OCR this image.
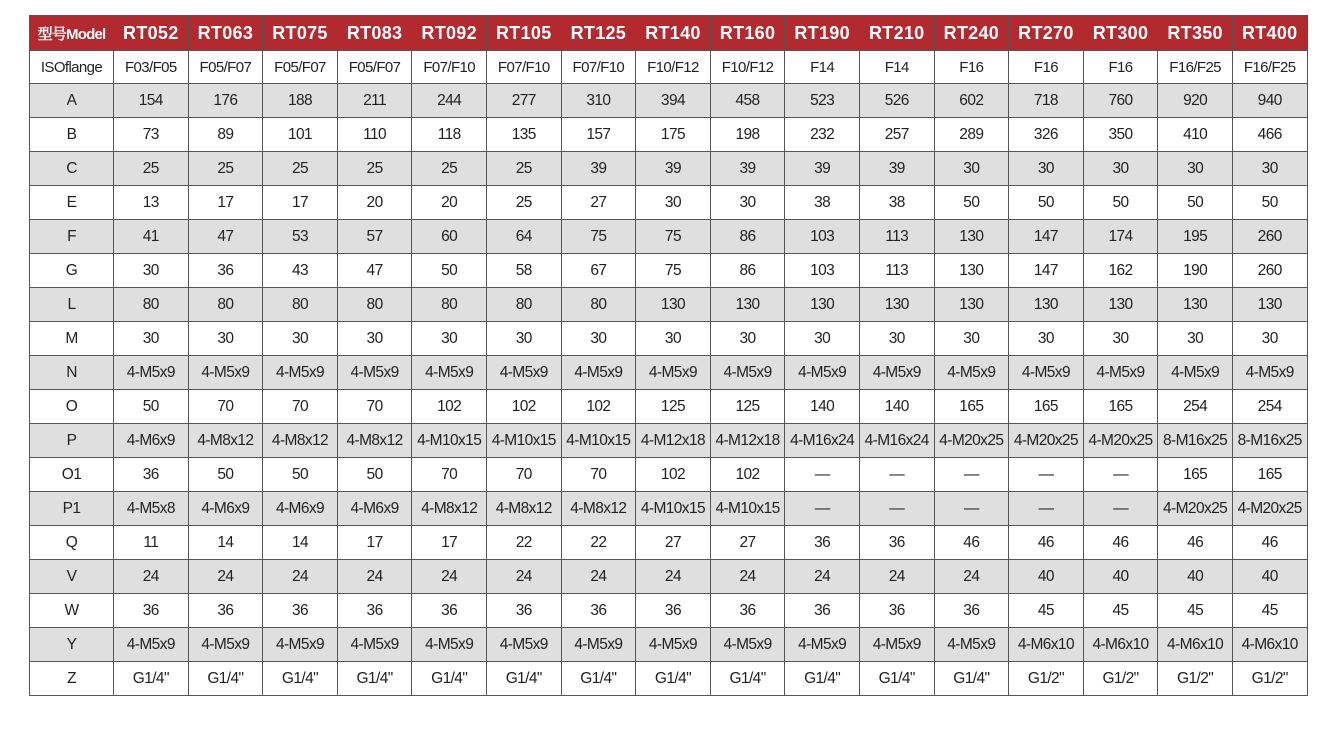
型号Model	RT052	RT063	RT075	RT083	RT092	RT105	RT125	RT140	RT160	RT190	RT210	RT240	RT270	RT300	RT350	RT400
ISOflange	F03/F05	F05/F07	F05/F07	F05/F07	F07/F10	F07/F10	F07/F10	F10/F12	F10/F12	F14	F14	F16	F16	F16	F16/F25	F16/F25
A	154	176	188	211	244	277	310	394	458	523	526	602	718	760	920	940
B	73	89	101	110	118	135	157	175	198	232	257	289	326	350	410	466
C	25	25	25	25	25	25	39	39	39	39	39	30	30	30	30	30
E	13	17	17	20	20	25	27	30	30	38	38	50	50	50	50	50
F	41	47	53	57	60	64	75	75	86	103	113	130	147	174	195	260
G	30	36	43	47	50	58	67	75	86	103	113	130	147	162	190	260
L	80	80	80	80	80	80	80	130	130	130	130	130	130	130	130	130
M	30	30	30	30	30	30	30	30	30	30	30	30	30	30	30	30
N	4-M5x9	4-M5x9	4-M5x9	4-M5x9	4-M5x9	4-M5x9	4-M5x9	4-M5x9	4-M5x9	4-M5x9	4-M5x9	4-M5x9	4-M5x9	4-M5x9	4-M5x9	4-M5x9
O	50	70	70	70	102	102	102	125	125	140	140	165	165	165	254	254
P	4-M6x9	4-M8x12	4-M8x12	4-M8x12	4-M10x15	4-M10x15	4-M10x15	4-M12x18	4-M12x18	4-M16x24	4-M16x24	4-M20x25	4-M20x25	4-M20x25	8-M16x25	8-M16x25
O1	36	50	50	50	70	70	70	102	102	—	—	—	—	—	165	165
P1	4-M5x8	4-M6x9	4-M6x9	4-M6x9	4-M8x12	4-M8x12	4-M8x12	4-M10x15	4-M10x15	—	—	—	—	—	4-M20x25	4-M20x25
Q	11	14	14	17	17	22	22	27	27	36	36	46	46	46	46	46
V	24	24	24	24	24	24	24	24	24	24	24	24	40	40	40	40
W	36	36	36	36	36	36	36	36	36	36	36	36	45	45	45	45
Y	4-M5x9	4-M5x9	4-M5x9	4-M5x9	4-M5x9	4-M5x9	4-M5x9	4-M5x9	4-M5x9	4-M5x9	4-M5x9	4-M5x9	4-M6x10	4-M6x10	4-M6x10	4-M6x10
Z	G1/4"	G1/4"	G1/4"	G1/4"	G1/4"	G1/4"	G1/4"	G1/4"	G1/4"	G1/4"	G1/4"	G1/4"	G1/2"	G1/2"	G1/2"	G1/2"
